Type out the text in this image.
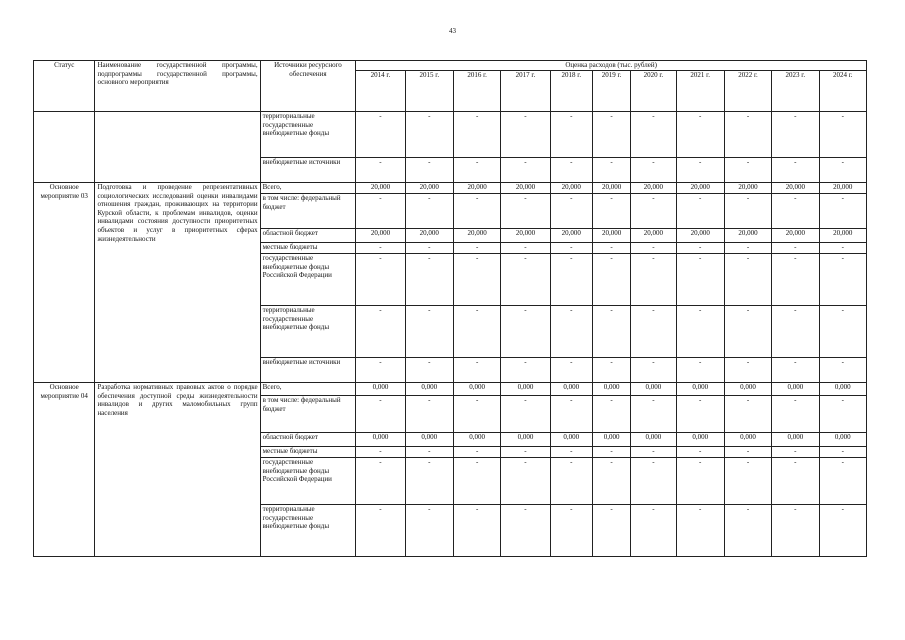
43
Статус	Наименование государственной программы, подпрограммы государственной программы, основного мероприятия	Источники ресурсного обеспечения	Оценка расходов (тыс. рублей)										
			2014 г.	2015 г.	2016 г.	2017 г.	2018 г.	2019 г.	2020 г.	2021 г.	2022 г.	2023 г.	2024 г.
		территориальные государственные внебюджетные фонды	-	-	-	-	-	-	-	-	-	-	-
		внебюджетные источники	-	-	-	-	-	-	-	-	-	-	-
Основное мероприятие 03	Подготовка и проведение репрезентативных социологических исследований оценки инвалидами отношения граждан, проживающих на территории Курской области, к проблемам инвалидов, оценки инвалидами состояния доступности приоритетных объектов и услуг в приоритетных сферах жизнедеятельности	Всего,	20,000	20,000	20,000	20,000	20,000	20,000	20,000	20,000	20,000	20,000	20,000
		в том числе: федеральный бюджет	-	-	-	-	-	-	-	-	-	-	-
		областной бюджет	20,000	20,000	20,000	20,000	20,000	20,000	20,000	20,000	20,000	20,000	20,000
		местные бюджеты	-	-	-	-	-	-	-	-	-	-	-
		государственные внебюджетные фонды Российской Федерации	-	-	-	-	-	-	-	-	-	-	-
		территориальные государственные внебюджетные фонды	-	-	-	-	-	-	-	-	-	-	-
		внебюджетные источники	-	-	-	-	-	-	-	-	-	-	-
Основное мероприятие 04	Разработка нормативных правовых актов о порядке обеспечения доступной среды жизнедеятельности инвалидов и других маломобильных групп населения	Всего,	0,000	0,000	0,000	0,000	0,000	0,000	0,000	0,000	0,000	0,000	0,000
		в том числе: федеральный бюджет	-	-	-	-	-	-	-	-	-	-	-
		областной бюджет	0,000	0,000	0,000	0,000	0,000	0,000	0,000	0,000	0,000	0,000	0,000
		местные бюджеты	-	-	-	-	-	-	-	-	-	-	-
		государственные внебюджетные фонды Российской Федерации	-	-	-	-	-	-	-	-	-	-	-
		территориальные государственные внебюджетные фонды	-	-	-	-	-	-	-	-	-	-	-
